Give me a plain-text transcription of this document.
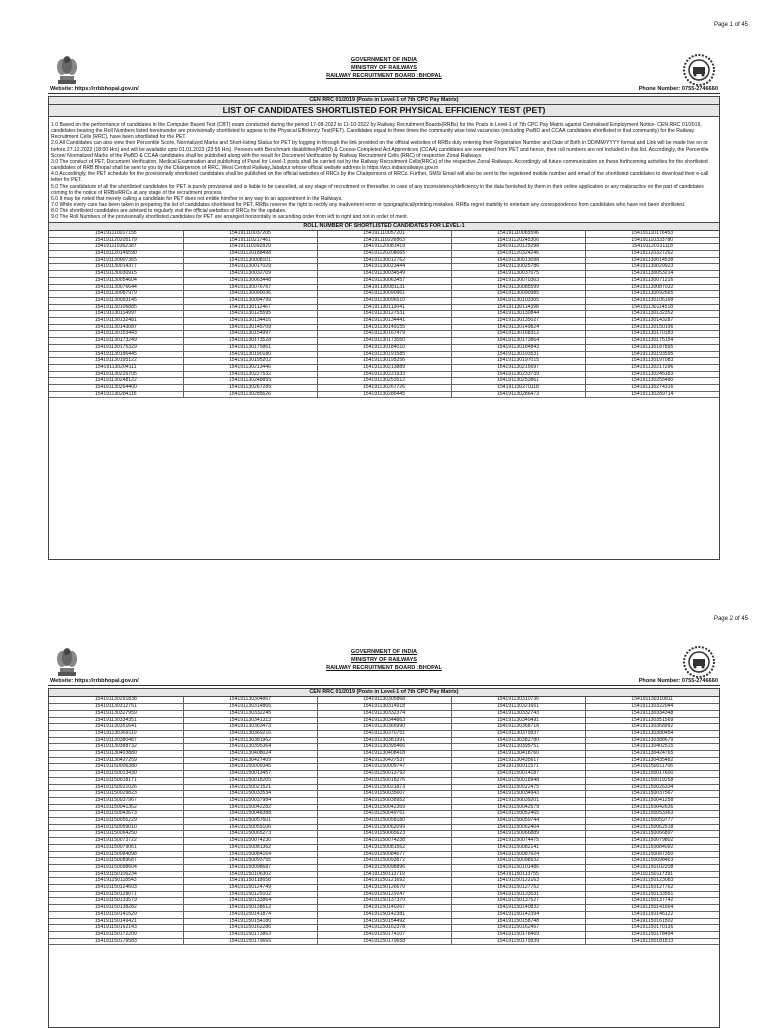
Page 1 of 45
GOVERNMENT OF INDIA
MINISTRY OF RAILWAYS
RAILWAY RECRUITMENT BOARD :BHOPAL
Website: https://rrbbhopal.gov.in/	Phone Number: 0755-2746660
CEN RRC 01/2019 (Posts in Level-1 of 7th CPC Pay Matrix)
LIST OF CANDIDATES SHORTLISTED FOR PHYSICAL EFFICIENCY TEST (PET)

1.0 Based on the performance of candidates in the Computer Based Test (CBT) exam conducted during the period 17-08-2022 to 11-10-2022 by Railway Recruitment Boards(RRBs) for the Posts in Level-1 of 7th CPC Pay Matrix against Centralised Employment Notice- CEN RRC 01/2019, candidates bearing the Roll Numbers listed hereinunder are provisionally shortlisted to appear in the Physical Efficiency Test(PET). Candidates equal to three times the community wise total vacancies (excluding PwBD and CCAA candidates shortlisted in that community) for the Railway Recruitment Cells (RRC), have been shortlisted for the PET.

2.0 All Candidates can also view their Percentile Score, Normalized Marks and Short-listing Status for PET by logging in through the link provided on the official websites of RRBs duly entering their Registration Number and Date of Birth in DD/MM/YYYY format and Link will be made live on or before 27.12.2022 (18:00 Hrs) and will be available upto 01.01.2023 (23:55 Hrs). Persons with Benchmark disabilities(PwBD) & Course Completed Act Apprentices (CCAA) candidates are exempted from PET and hence, their roll numbers are not included in this list. Accordingly, the Percentile Score/ Normalized Marks of the PwBD & CCAA candidates shall be published along with the result for Document Verification by Railway Recruitment Cells (RRC) of respective Zonal Railways.

3.0 The conduct of PET, Document Verification, Medical Examination and publishing of Panel for Level-1 posts shall be carried out by the Railway Recruitment Cells(RRCs) of the respective Zonal Railways. Accordingly all future communication on these forthcoming activities for the shortlisted candidates of RRB Bhopal shall be sent to you by the Chairperson of RRC, West Central Railway,Jabalpur whose official website address is https://wcr.indianrailways.gov.in

4.0 Accordingly, the PET schedule for the provisionally shortlisted candidates shall be published on the official websites of RRCs by the Chairpersons of RRCs. Further, SMS/ Email will also be sent to the registered mobile number and email of the shortlisted candidates to download their e-call letter for PET.

5.0 The candidature of all the shortlisted candidates for PET is purely provisional and is liable to be cancelled, at any stage of recruitment or thereafter, in case of any inconsistency/deficiency in the data furnished by them in their online application or any malpractice on the part of candidates coming to the notice of RRBs/RRCs at any stage of the recruitment process.

6.0 It may be noted that merely calling a candidate for PET does not entitle him/her in any way to an appointment in the Railways.

7.0 While every care has been taken in preparing the list of candidates shortlisted for PET, RRBs reserve the right to rectify any inadvertent error or typographical/printing mistakes. RRBs regret inability to entertain any correspondence from candidates who have not been shortlisted.

8.0 The shortlisted candidates are advised to regularly visit the official websites of RRCs for the updates.

9.0 The Roll Numbers of the provisionally shortlisted candidates for PET are arranged horizontally in ascending order from left to right and not in order of merit.

ROLL NUMBER OF SHORTLISTED CANDIDATES FOR LEVEL-1
154191110017155	154191110037205	154191110057201	154191110065596	154191110176453
154191120205179	154191110217461	154191110226863	154191120245306	154191110333780
154191110362387	154191110392829	154191120081419	154191120125298	154191120131118
154191120145590	154191120188498	154191120208665	154191120324246	154191120327262
154191130007365	154191130008101	154191130012762	154191130013098	154191130014538
154191130014377	154191130017029	154191130023444	154191130025786	154191130029923
154191130030915	154191130032709	154191130034549	154191130037075	154191130053214
154191130054604	154191130063448	154191130063457	154191130070363	154191130071216
154191130076644	154191130076767	154191130081131	154191130085599	154191130087032
154191130087979	154191130090036	154191130090961	154191130090985	154191130092665
154191130093145	154191130094799	154191130096510	154191130103305	154191130106168
154191130106885	154191130112467	154191130113041	154191130114398	154191130114518
154191130114997	154191130125595	154191130127531	154191130130844	154191130132352
154191130132481	154191130134416	154191130134441	154191130135027	154191130143287
154191130143087	154191130145709	154191130149155	154191130149824	154191130150196
154191130153443	154191130154997	154191130167479	154191130168312	154191130170183
154191130173249	154191130173528	154191130173550	154191130173864	154191130175154
154191130175329	154191130175861	154191130184010	154191130184843	154191130187895
154191130186445	154191130190180	154191130191585	154191130193531	154191130193595
154191130195122	154191130195202	154191130195256	154191130197015	154191130197083
154191130204111	154191130213446	154191130213889	154191130215697	154191130217296
154191130226705	154191130227532	154191130231933	154191130233739	154191130245183
154191130248122	154191130248855	154191130253512	154191130253861	154191130255480
154191130264400	154191130267285	154191130267726	154191130270118	154191130274316
154191130284116	154191130285626	154191130286445	154191130286473	154191130289714
Page 2 of 45
GOVERNMENT OF INDIA
MINISTRY OF RAILWAYS
RAILWAY RECRUITMENT BOARD :BHOPAL
Website: https://rrbbhopal.gov.in/	Phone Number: 0755-2746660
CEN RRC 01/2019 (Posts in Level-1 of 7th CPC Pay Matrix)
154191130291838	154191130304867	154191130305868	154191130310736	154191130310811
154191130312751	154191130314865	154191130314918	154191130321661	154191130322044
154191130327959	154191130332245	154191130332374	154191130332743	154191130334348
154191130334351	154191130341313	154191130344863	154191130349491	154191130351569
154191130351641	154191130363473	154191130366990	154191130368718	154191130368992
154191130369110	154191130369216	154191130370751	154191130379937	154191130380454
154191130380487	154191130381962	154191130381991	154191130382780	154191130388679
154191130388732	154191130395364	154191130395466	154191130395751	154191130402515
154191130403880	154191130408024	154191130408418	154191130418760	154191130424765
154191130427259	154191130427409	154191130427537	154191130435617	154191130435482
154191150006380	154191150009345	154191150009747	154191150011571	154191150011706
154191150013430	154191150013457	154191150013792	154191150014187	154191150017600
154191150018171	154191150018205	154191150018276	154191150018948	154191150019258
154191150021026	154191150021521	154191150021873	154191150022475	154191150026334
154191150029823	154191150033534	154191150035607	154191150034943	154191150037567
154191150037967	154191150037984	154191150038952	154191150039201	154191150041258
154191150041362	154191150042282	154191150042369	154191150042579	154191150042636
154191150042673	154191150048388	154191150049761	154191150052465	154191150053363
154191150055229	154191150057601	154191150058180	154191150059744	154191150059777
154191150059010	154191150059106	154191150062099	154191150062404	154191150062518
154191150064250	154191150065273	154191150065623	154191150066889	154191150066897
154191150073722	154191150074230	154191150074238	154191150074475	154191150079802
154191150079061	154191150081362	154191150081562	154191150082141	154191150084092
154191150084098	154191150084164	154191150084677	154191150087624	154191150087350
154191150089687	154191150093755	154191150093872	154191150098932	154191150098463
154191150098604	154191150098687	154191150098896	154191150101486	154191150102208
154191150106234	154191150106302	154191150113719	154191150113755	154191150117391
154191150118543	154191150118658	154191150121692	154191150122163	154191150123083
154191150124603	154191150124749	154191150126670	154191150127752	154191150127762
154191150129071	154191150129102	154191150129247	154191150133531	154191150133561
154191150133579	154191150133864	154191150137370	154191150137527	154191150137742
154191150138282	154191150138612	154191150140267	154191150140832	154191150141664
154191150141529	154191150141874	154191150142381	154191150142394	154191150146122
154191150149421	154191150154180	154191150154492	154191150158748	154191150161502
154191150162143	154191150162286	154191150162378	154191150162457	154191150170136
154191150172200	154191150173863	154191150174107	154191150178469	154191150178494
154191150179583	154191150179665	154191150179658	154191150179939	154191150181813
